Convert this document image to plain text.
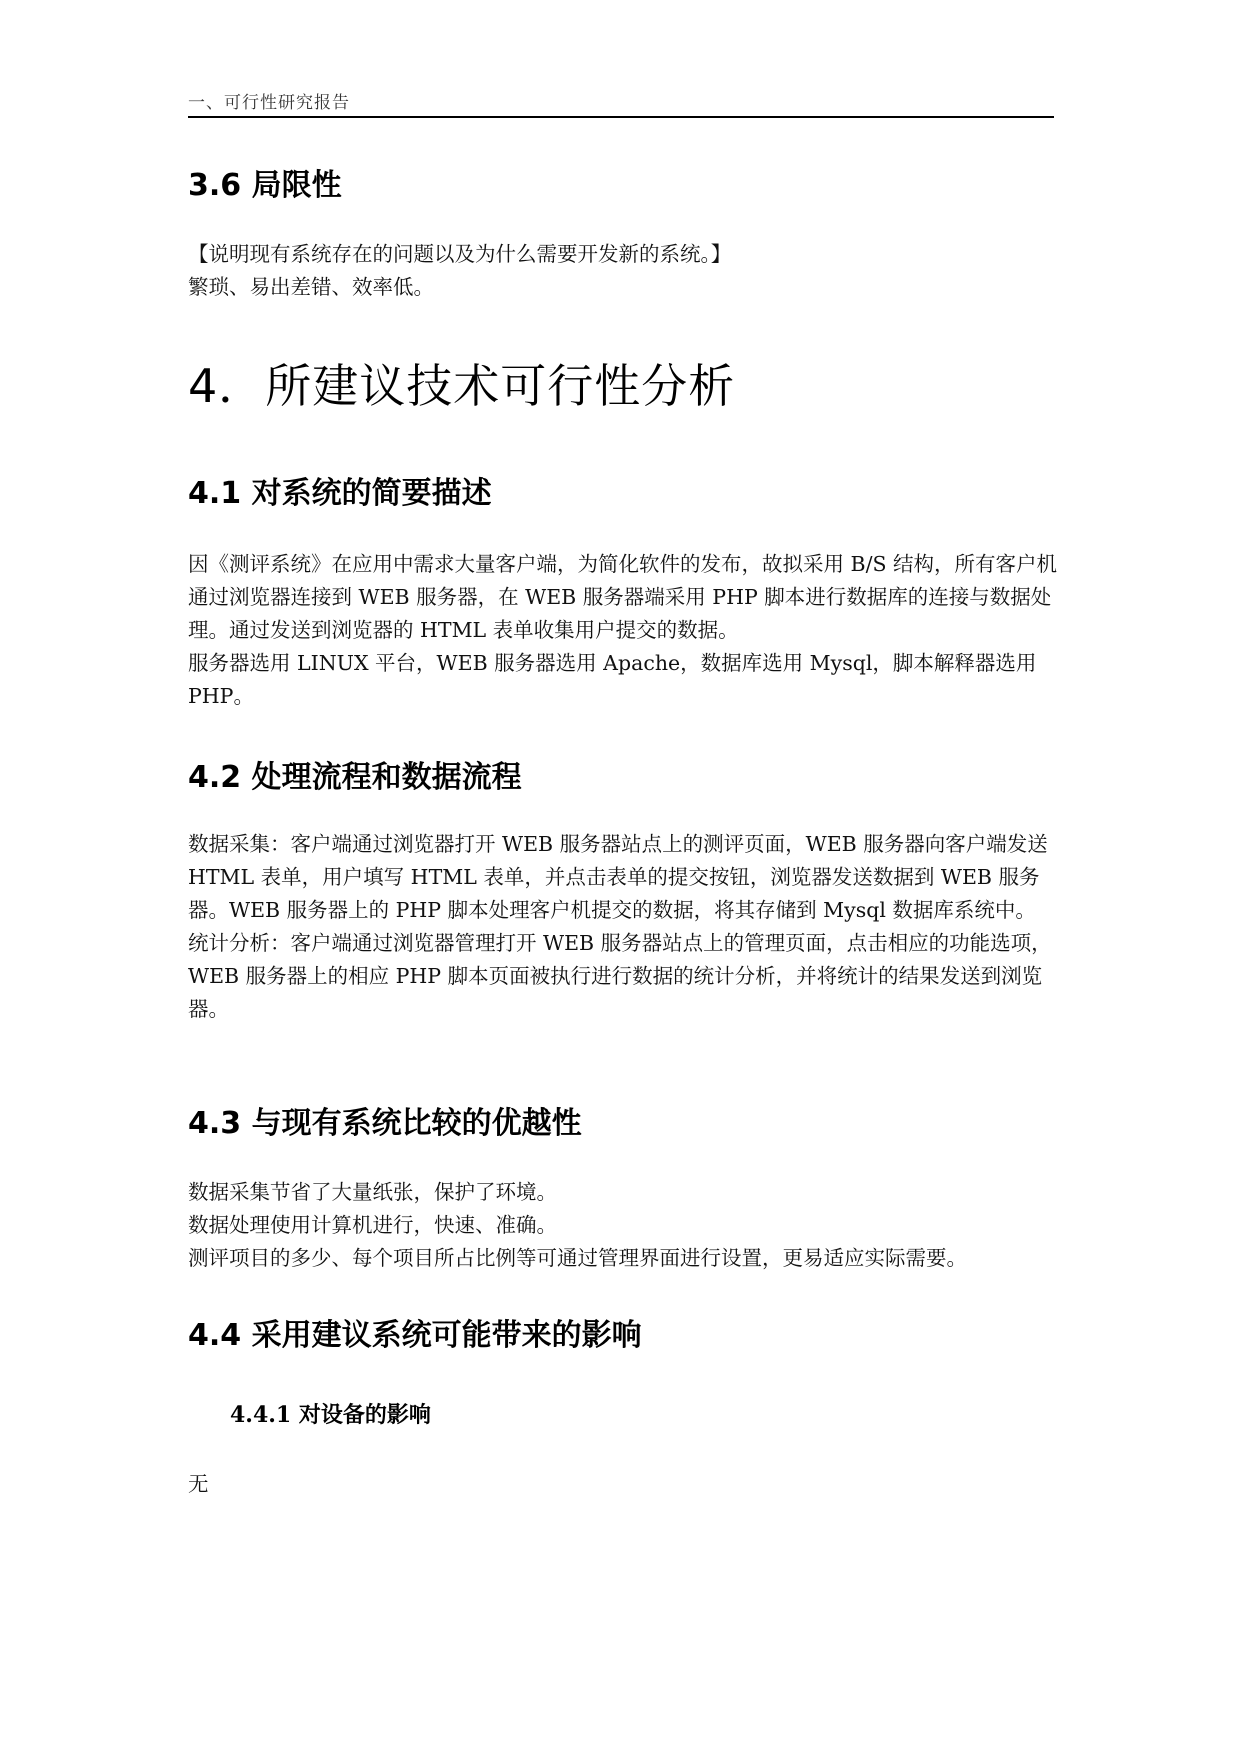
一、可行性研究报告
3.6 局限性

【说明现有系统存在的问题以及为什么需要开发新的系统。】

繁琐、易出差错、效率低。

4．所建议技术可行性分析
4.1 对系统的简要描述

因《测评系统》在应用中需求大量客户端，为简化软件的发布，故拟采用 B/S 结构，所有客户机通过浏览器连接到 WEB 服务器，在 WEB 服务器端采用 PHP 脚本进行数据库的连接与数据处理。通过发送到浏览器的 HTML 表单收集用户提交的数据。

服务器选用 LINUX 平台，WEB 服务器选用 Apache，数据库选用 Mysql，脚本解释器选用 PHP。

4.2 处理流程和数据流程

数据采集：客户端通过浏览器打开 WEB 服务器站点上的测评页面，WEB 服务器向客户端发送 HTML 表单，用户填写 HTML 表单，并点击表单的提交按钮，浏览器发送数据到 WEB 服务器。WEB 服务器上的 PHP 脚本处理客户机提交的数据，将其存储到 Mysql 数据库系统中。

统计分析：客户端通过浏览器管理打开 WEB 服务器站点上的管理页面，点击相应的功能选项，WEB 服务器上的相应 PHP 脚本页面被执行进行数据的统计分析，并将统计的结果发送到浏览器。

4.3 与现有系统比较的优越性

数据采集节省了大量纸张，保护了环境。

数据处理使用计算机进行，快速、准确。

测评项目的多少、每个项目所占比例等可通过管理界面进行设置，更易适应实际需要。

4.4 采用建议系统可能带来的影响
4.4.1 对设备的影响

无
